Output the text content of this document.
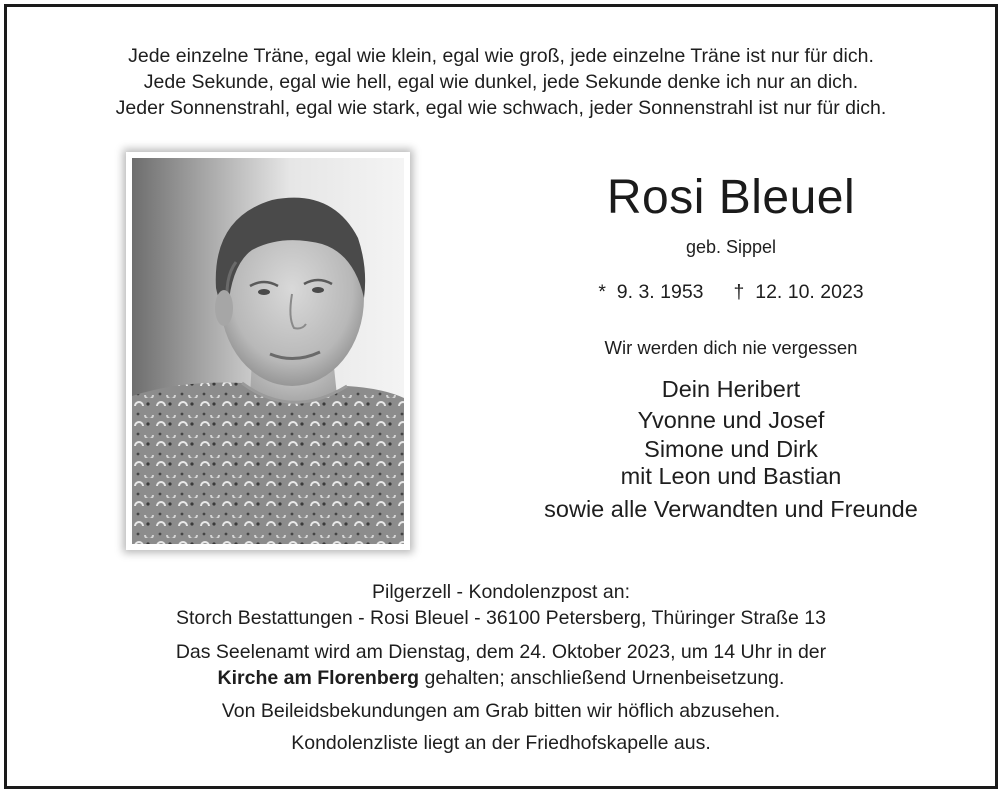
Jede einzelne Träne, egal wie klein, egal wie groß, jede einzelne Träne ist nur für dich.
Jede Sekunde, egal wie hell, egal wie dunkel, jede Sekunde denke ich nur an dich.
Jeder Sonnenstrahl, egal wie stark, egal wie schwach, jeder Sonnenstrahl ist nur für dich.
Rosi Bleuel
geb. Sippel
* 9. 3. 1953 † 12. 10. 2023
Wir werden dich nie vergessen
Dein Heribert
Yvonne und Josef
Simone und Dirk
mit Leon und Bastian
sowie alle Verwandten und Freunde
Pilgerzell - Kondolenzpost an:
Storch Bestattungen - Rosi Bleuel - 36100 Petersberg, Thüringer Straße 13
Das Seelenamt wird am Dienstag, dem 24. Oktober 2023, um 14 Uhr in der
Kirche am Florenberg gehalten; anschließend Urnenbeisetzung.
Von Beileidsbekundungen am Grab bitten wir höflich abzusehen.
Kondolenzliste liegt an der Friedhofskapelle aus.
